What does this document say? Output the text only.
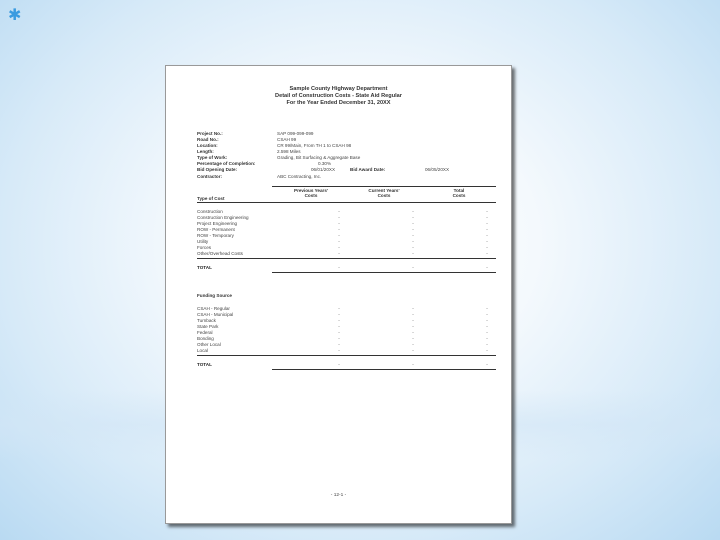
✱
Sample County Highway Department
Detail of Construction Costs - State Aid Regular
For the Year Ended December 31, 20XX
Project No.:	SAP 099-099-099
Road No.:	CSAH 99
Location:	CR 99/Main, From TH 1 to CSAH 98
Length:	2.598 Miles
Type of Work:	Grading, Bit Surfacing & Aggregate Base
Percentage of Completion:	0.30%
Bid Opening Date:	06/01/20XX	Bid Award Date:	06/05/20XX
Contractor:	ABC Contracting, Inc.
Previous Years'
Costs
Current Years'
Costs
Total
Costs
Type of Cost
Construction	-	-	-
Construction Engineering	-	-	-
Project Engineering	-	-	-
ROW - Permanent	-	-	-
ROW - Temporary	-	-	-
Utility	-	-	-
Forces	-	-	-
Other/Overhead Costs	-	-	-
TOTAL	-	-	-
Funding Source
CSAH - Regular	-	-	-
CSAH - Municipal	-	-	-
Turnback	-	-	-
State Park	-	-	-
Federal	-	-	-
Bonding	-	-	-
Other Local	-	-	-
Local	-	-	-
TOTAL	-	-	-
- 12-1 -
